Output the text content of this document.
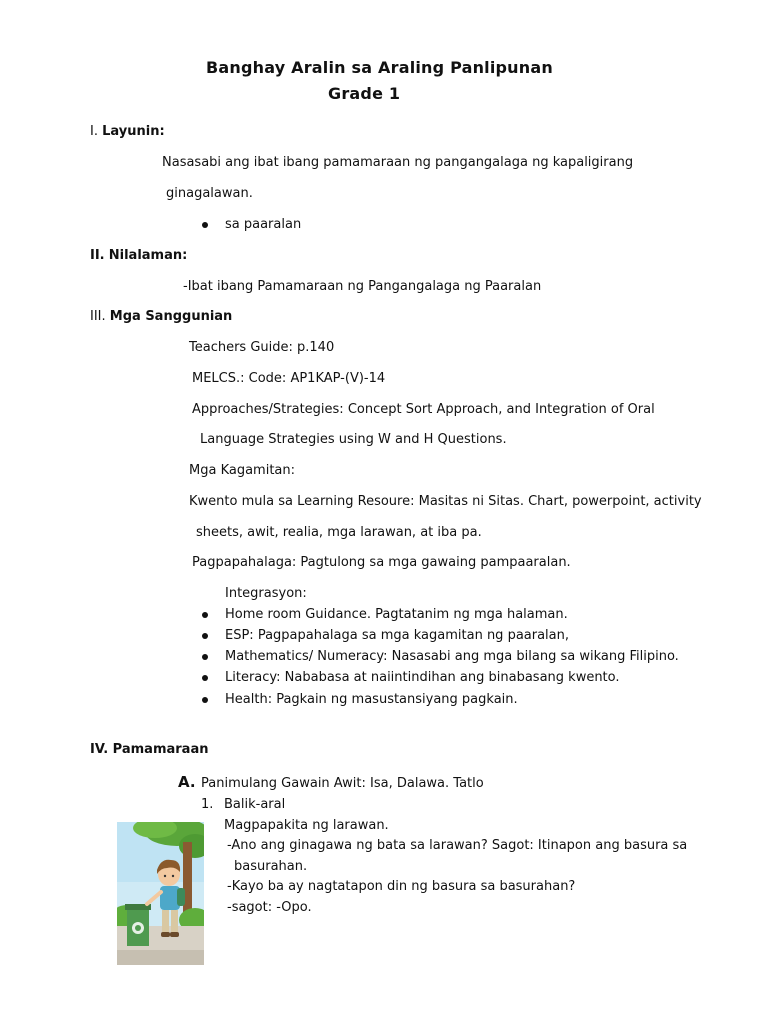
Banghay Aralin sa Araling Panlipunan
Grade 1
I. Layunin:
Nasasabi ang ibat ibang pamamaraan ng pangangalaga ng kapaligirang
ginagalawan.
sa paaralan
II. Nilalaman:
-Ibat ibang Pamamaraan ng Pangangalaga ng Paaralan
III. Mga Sanggunian
Teachers Guide: p.140
MELCS.: Code: AP1KAP-(V)-14
Approaches/Strategies: Concept Sort Approach, and Integration of Oral
Language Strategies using W and H Questions.
Mga Kagamitan:
Kwento mula sa Learning Resoure: Masitas ni Sitas. Chart, powerpoint, activity
sheets, awit, realia, mga larawan, at iba pa.
Pagpapahalaga: Pagtulong sa mga gawaing pampaaralan.
Integrasyon:
Home room Guidance. Pagtatanim ng mga halaman.
ESP: Pagpapahalaga sa mga kagamitan ng paaralan,
Mathematics/ Numeracy: Nasasabi ang mga bilang sa wikang Filipino.
Literacy: Nababasa at naiintindihan ang binabasang kwento.
Health: Pagkain ng masustansiyang pagkain.
IV. Pamamaraan
A. Panimulang Gawain Awit: Isa, Dalawa. Tatlo
1. Balik-aral
Magpapakita ng larawan.
-Ano ang ginagawa ng bata sa larawan? Sagot: Itinapon ang basura sa
basurahan.
-Kayo ba ay nagtatapon din ng basura sa basurahan?
-sagot: -Opo.
